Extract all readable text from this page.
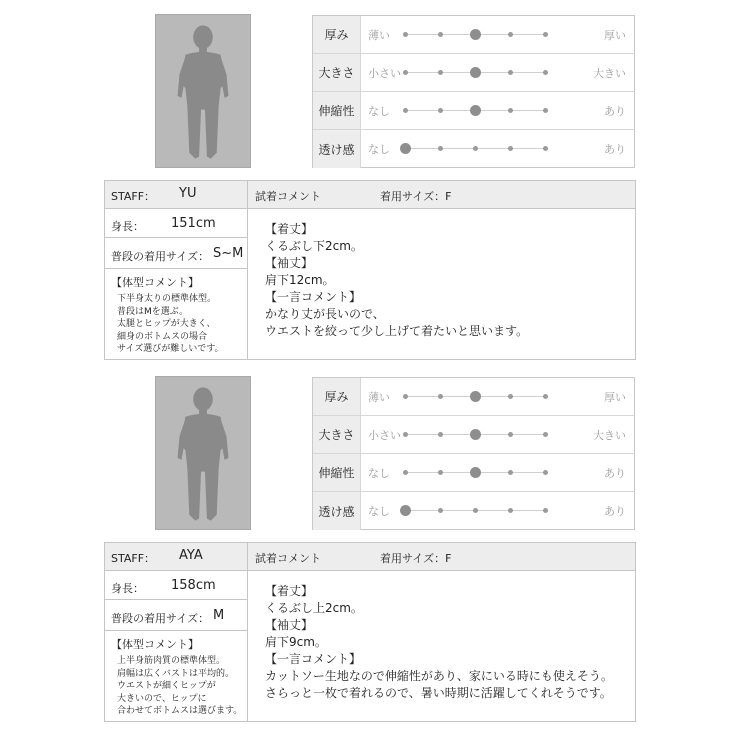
厚み	薄い	厚い
大きさ	小さい	大きい
伸縮性	なし	あり
透け感	なし	あり
STAFF： YU	試着コメント	着用サイズ：F
身長： 151cm
普段の着用サイズ： S~M
【体型コメント】
下半身太りの標準体型。
普段はMを選ぶ。
太腿とヒップが大きく、
細身のボトムスの場合
サイズ選びが難しいです。
【着丈】
くるぶし下2cm。
【袖丈】
肩下12cm。
【一言コメント】
かなり丈が長いので、
ウエストを絞って少し上げて着たいと思います。
厚み	薄い	厚い
大きさ	小さい	大きい
伸縮性	なし	あり
透け感	なし	あり
STAFF： AYA	試着コメント	着用サイズ：F
身長： 158cm
普段の着用サイズ： M
【体型コメント】
上半身筋肉質の標準体型。
肩幅は広くバストは平均的。
ウエストが細くヒップが
大きいので、ヒップに
合わせてボトムスは選びます。
【着丈】
くるぶし上2cm。
【袖丈】
肩下9cm。
【一言コメント】
カットソー生地なので伸縮性があり、家にいる時にも使えそう。
さらっと一枚で着れるので、暑い時期に活躍してくれそうです。
